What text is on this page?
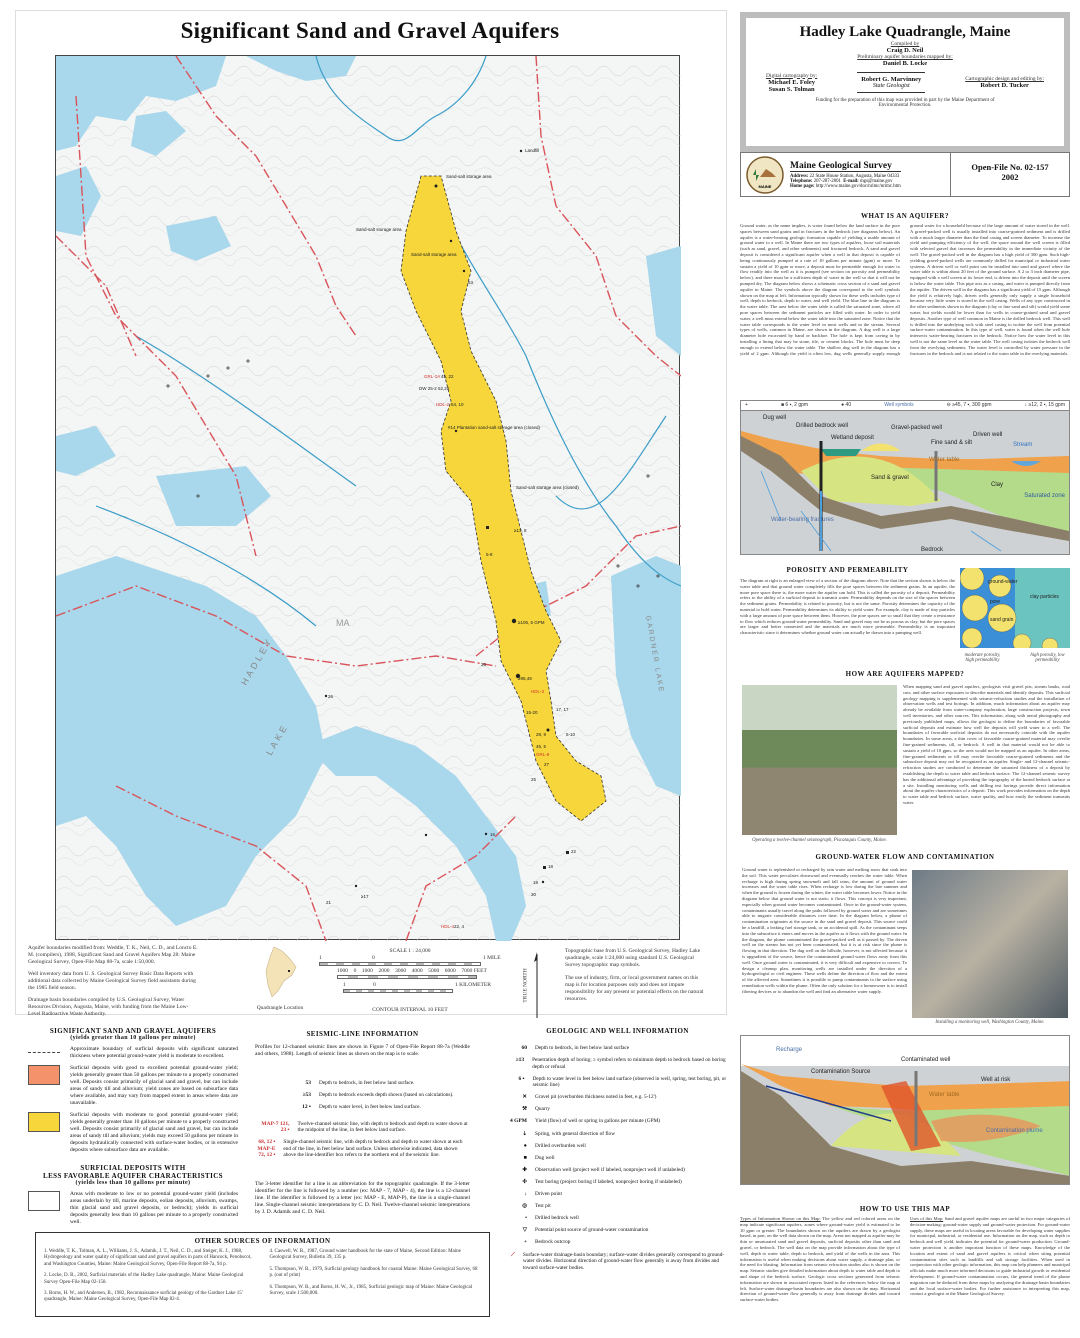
Significant Sand and Gravel Aquifers
Sand-salt storage area
Landfill
Sand-salt storage area
Sand-salt storage area
#14 Plantation sand-salt storage area (closed)
Sand-salt storage area (closed)
≥13, 8
≥105, 5 GPM
≥95,49
17, 17
15-20
28, 9
45, 5
5-10
27
25
26
16
22
18
18
30
≥17
22, 4
5-8
26
21
53
GRL-1A
HDL-2
GRL-8
HDL-4
HDL-3
45, 22
DW 25-2 52,20
54, 10
HADLEY
LAKE
MA	GARDNER LAKE

Aquifer boundaries modified from: Weddle, T. K., Neil, C. D., and Loncto E. M. (compilers), 1988, Significant Sand and Gravel Aquifers Map 28: Maine Geological Survey, Open-File Map 88-7a, scale 1:50,000.

Well inventory data from U. S. Geological Survey Basic Data Reports with additional data collected by Maine Geological Survey field assistants during the 1985 field season.

Drainage basin boundaries compiled by U.S. Geological Survey, Water Resources Division, Augusta, Maine, with funding from the Maine Low-Level Radioactive Waste Authority.

Quadrangle Location
SCALE 1 : 24,000
1	0	1 MILE
1000 0 1000 2000 3000 4000 5000 6000 7000 FEET
1	0	1 KILOMETER
CONTOUR INTERVAL 10 FEET
TRUE NORTH

Topographic base from U.S. Geological Survey, Hadley Lake quadrangle, scale 1:24,000 using standard U.S. Geological Survey topographic map symbols.

The use of industry, firm, or local government names on this map is for location purposes only and does not impute responsibility for any present or potential effects on the natural resources.

SIGNIFICANT SAND AND GRAVEL AQUIFERS
(yields greater than 10 gallons per minute)
Approximate boundary of surficial deposits with significant saturated thickness where potential ground-water yield is moderate to excellent.
Surficial deposits with good to excellent potential ground-water yield; yields generally greater than 50 gallons per minute to a properly constructed well. Deposits consist primarily of glacial sand and gravel, but can include areas of sandy till and alluvium; yield zones are based on subsurface data where available, and may vary from mapped extent in areas where data are unavailable.
Surficial deposits with moderate to good potential ground-water yield; yields generally greater than 10 gallons per minute to a properly constructed well. Deposits consist primarily of glacial sand and gravel, but can include areas of sandy till and alluvium; yields may exceed 50 gallons per minute in deposits hydraulically connected with surface-water bodies, or in extensive deposits where subsurface data are available.
SURFICIAL DEPOSITS WITH
LESS FAVORABLE AQUIFER CHARACTERISTICS
(yields less than 10 gallons per minute)
Areas with moderate to low or no potential ground-water yield (includes areas underlain by till, marine deposits, eolian deposits, alluvium, swamps, thin glacial sand and gravel deposits, or bedrock); yields in surficial deposits generally less than 10 gallons per minute to a properly constructed well.
SEISMIC-LINE INFORMATION
Profiles for 12-channel seismic lines are shown in Figure 7 of Open-File Report 88-7a (Weddle and others, 1988). Length of seismic lines as shown on the map is to scale.
53 Depth to bedrock, in feet below land surface.
≥53 Depth to bedrock exceeds depth shown (based on calculations).
12 ▪ Depth to water level, in feet below land surface.
MAP-7 121, 23 ▪
Twelve-channel seismic line, with depth to bedrock and depth to water shown at the midpoint of the line, in feet below land surface.
68, 12 ▪ MAP-E 72, 12 ▪
Single-channel seismic line, with depth to bedrock and depth to water shown at each end of the line, in feet below land surface. Unless otherwise indicated, data shown above the line-identifier box refers to the northern end of the seismic line.
The 3-letter identifier for a line is an abbreviation for the topographic quadrangle. If the 3-letter identifier for the line is followed by a number (ex: MAP - 7, MAP - 4), the line is a 12-channel line. If the identifier is followed by a letter (ex: MAP - E, MAP-P), the line is a single-channel line. Single-channel seismic interpretations by C. D. Neil. Twelve-channel seismic interpretations by J. D. Adamik and C. D. Neil.
GEOLOGIC AND WELL INFORMATION
60 Depth to bedrock, in feet below land surface
≥13 Penetration depth of boring; ≥ symbol refers to minimum depth to bedrock based on boring depth or refusal
6 ▪ Depth to water level in feet below land surface (observed in well, spring, test boring, pit, or seismic line)
✕ Gravel pit (overburden thickness noted in feet, e.g. 5-12')
⚒ Quarry
4 GPM Yield (flow) of well or spring in gallons per minute (GPM)
⇣ Spring, with general direction of flow
● Drilled overburden well
■ Dug well
✚ Observation well (project well if labeled, nonproject well if unlabeled)
✣ Test boring (project boring if labeled, nonproject boring if unlabeled)
↓ Driven point
◎ Test pit
• Drilled bedrock well
▽ Potential point source of ground-water contamination
+ Bedrock outcrop
⟋ Surface-water drainage-basin boundary; surface-water divides generally correspond to ground-water divides. Horizontal direction of ground-water flow generally is away from divides and toward surface-water bodies.
OTHER SOURCES OF INFORMATION

1. Weddle, T. K., Tolman, A. L., Williams, J. S., Adamik, J. T., Neil, C. D., and Steiger, K. J., 1988, Hydrogeology and water quality of significant sand and gravel aquifers in parts of Hancock, Penobscot, and Washington Counties, Maine: Maine Geological Survey, Open-File Report 88-7a, 94 p.

2. Locke, D. B., 2002, Surficial materials of the Hadley Lake quadrangle, Maine: Maine Geological Survey Open-File Map 02-158.

3. Borns, H. W., and Andersen, B., 1982, Reconnaissance surficial geology of the Gardner Lake 15' quadrangle, Maine: Maine Geological Survey, Open-File Map 82-4.

4. Caswell, W. B., 1987, Ground water handbook for the state of Maine, Second Edition: Maine Geological Survey, Bulletin 39, 135 p.

5. Thompson, W. B., 1979, Surficial geology handbook for coastal Maine: Maine Geological Survey, 68 p. (out of print)

6. Thompson, W. B., and Borns, H. W., Jr., 1985, Surficial geologic map of Maine: Maine Geological Survey, scale 1:500,000.

Hadley Lake Quadrangle, Maine
Compiled by
Craig D. Neil
Preliminary aquifer boundaries mapped by:
Daniel B. Locke
Digital cartography by:
Michael E. Foley
Susan S. Tolman
Robert G. Marvinney
State Geologist
Cartographic design and editing by:
Robert D. Tucker
Funding for the preparation of this map was provided in part by the Maine Department of Environmental Protection.
MAINE
Maine Geological Survey
Address: 22 State House Station, Augusta, Maine 04333
Telephone: 207-287-2801 E-mail: mgs@maine.gov
Home page: http://www.maine.gov/doc/nrimc/nrimc.htm
Open-File No. 02-157
2002
WHAT IS AN AQUIFER?
Ground water, as the name implies, is water found below the land surface in the pore spaces between sand grains and in fractures in the bedrock (see diagrams below). An aquifer is a water-bearing geologic formation capable of yielding a usable amount of ground water to a well. In Maine there are two types of aquifers, loose soil materials (such as sand, gravel, and other sediments) and fractured bedrock. A sand and gravel deposit is considered a significant aquifer when a well in that deposit is capable of being continuously pumped at a rate of 10 gallons per minute (gpm) or more. To sustain a yield of 10 gpm or more, a deposit must be permeable enough for water to flow readily into the well as it is pumped (see section on porosity and permeability below), and there must be a sufficient depth of water in the well so that it will not be pumped dry. The diagram below shows a schematic cross section of a sand and gravel aquifer in Maine. The symbols above the diagram correspond to the well symbols shown on the map at left. Information typically shown for these wells includes type of well, depth to bedrock, depth to water, and well yield. The blue line in the diagram is the water table. The area below the water table is called the saturated zone, where all pore spaces between the sediment particles are filled with water. In order to yield water, a well must extend below the water table into the saturated zone. Notice that the water table corresponds to the water level in most wells and in the stream. Several types of wells, common in Maine, are shown in the diagram. A dug well is a large diameter hole excavated by hand or backhoe. The hole is kept from caving in by installing a lining that may be stone, tile, or cement blocks. The hole must be deep enough to extend below the water table. The shallow dug well in the diagram has a yield of 2 gpm. Although the yield is often low, dug wells generally supply enough ground water for a household because of the large amount of water stored in the well. A gravel-packed well is usually installed into coarse-grained sediment and is drilled with a much larger diameter than the final casing and screen diameter. To increase the yield and pumping efficiency of the well, the space around the well screen is filled with selected gravel that increases the permeability in the immediate vicinity of the well. The gravel-packed well in the diagram has a high yield of 300 gpm. Such high-yielding gravel-packed wells are commonly drilled for municipal or industrial water systems. A driven well or well point can be installed into sand and gravel where the water table is within about 20 feet of the ground surface. A 2 to 3 inch diameter pipe, equipped with a well screen at its lower end, is driven into the deposit until the screen is below the water table. This pipe acts as a casing, and water is pumped directly from the aquifer. The driven well in the diagram has a significant yield of 15 gpm. Although the yield is relatively high, driven wells generally only supply a single household because very little water is stored in the well casing. Wells of any type constructed in the other sediments shown in the diagram (clay or fine sand and silt) would yield some water, but yields would be lower than for wells in coarse-grained sand and gravel deposits. Another type of well common in Maine is the drilled bedrock well. This well is drilled into the underlying rock with steel casing to isolate the well from potential surface-water contamination. In this type of well, water is found when the well hole intersects water-bearing fractures in the bedrock. Notice how the water level in this well is not the same level as the water table. The well casing isolates the bedrock well from the overlying sediments. The water level is controlled by water pressure in the fractures in the bedrock and is not related to the water table in the overlying materials.
+	■ 6 ▪, 2 gpm	● 40	Well symbols	⊖ ≥45, 7 ▪, 300 gpm	↓ ≥12, 2 ▪, 15 gpm
Dug well
Drilled bedrock well
Wetland deposit
Gravel-packed well
Fine sand & silt
Driven well
Stream
Water table
Sand & gravel
Clay
Saturated zone
Water-bearing fractures
Bedrock
POROSITY AND PERMEABILITY
The diagram at right is an enlarged view of a section of the diagram above. Note that the section shown is below the water table and that ground water completely fills the pore spaces between the sediment grains. In an aquifer, the more pore space there is, the more water the aquifer can hold. This is called the porosity of a deposit. Permeability refers to the ability of a surficial deposit to transmit water. Permeability depends on the size of the spaces between the sediment grains. Permeability is related to porosity, but is not the same. Porosity determines the capacity of the material to hold water. Permeability determines its ability to yield water. For example, clay is made of tiny particles with a large amount of pore space between them. However, the pore spaces are so small that they create a resistance to flow which reduces ground-water permeability. Sand and gravel may not be as porous as clay, but the pore spaces are larger and better connected and the materials are much more permeable. Permeability is an important characteristic since it determines whether ground water can actually be drawn into a pumping well.
ground-water
clay particles
pore
sand grain
moderate porosity, high permeability
high porosity, low permeability
HOW ARE AQUIFERS MAPPED?
Operating a twelve-channel seismograph, Piscataquis County, Maine.
When mapping sand and gravel aquifers, geologists visit gravel pits, stream banks, road cuts, and other surface exposures to describe materials and identify deposits. This surficial geology mapping is supplemented with seismic-refraction studies and the installation of observation wells and test borings. In addition, much information about an aquifer may already be available from water-company exploration, large construction projects, town well inventories, and other sources. This information, along with aerial photography and previously published maps, allows the geologist to define the boundaries of favorable surficial deposits and estimate how well the deposits will yield water to a well. The boundaries of favorable surficial deposits do not necessarily coincide with the aquifer boundaries. In some areas, a thin cover of favorable coarse-grained material may overlie fine-grained sediments, till, or bedrock. A well in that material would not be able to sustain a yield of 10 gpm, so the area would not be mapped as an aquifer. In other areas, fine-grained sediments or till may overlie favorable coarse-grained sediments and the subsurface deposit may not be recognized as an aquifer. Single- and 12-channel seismic-refraction studies are conducted to determine the saturated thickness of a deposit by establishing the depth to water table and bedrock surface. The 12-channel seismic survey has the additional advantage of providing the topography of the buried bedrock surface at a site. Installing monitoring wells and drilling test borings provide direct information about the aquifer characteristics of a deposit. This work provides information on the depth to water table and bedrock surface, water quality, and how easily the sediment transmits water.
GROUND-WATER FLOW AND CONTAMINATION
Ground water is replenished or recharged by rain water and melting snow that soak into the soil. This water percolates downward and eventually reaches the water table. When recharge is high during spring snowmelt and fall rains, the amount of ground water increases and the water table rises. When recharge is low during the late summer and when the ground is frozen during the winter, the water table becomes lower. Notice in the diagram below that ground water is not static; it flows. This concept is very important, especially when ground water becomes contaminated. Once in the ground-water system, contaminants usually travel along the paths followed by ground water and are sometimes able to migrate considerable distances over time. In the diagram below, a plume of contamination originates at the source in the sand and gravel deposit. This source could be a landfill, a leaking fuel storage tank, or an accidental spill. As the contaminant seeps into the subsurface it enters and moves in the aquifer as it flows with the ground water. In the diagram, the plume contaminated the gravel-packed well as it passed by. The driven well on the stream has not yet been contaminated, but it is at risk since the plume is flowing in that direction. The dug well on the hillside, however, is not affected because it is upgradient of the source, hence the contaminated ground water flows away from this well. Once ground water is contaminated, it is very difficult and expensive to correct. To design a cleanup plan, monitoring wells are installed under the direction of a hydrogeologist or civil engineer. These wells define the direction of flow and the extent of the affected area. Sometimes it is possible to pump contaminants to the surface using remediation wells within the plume. Often the only solution for a homeowner is to install filtering devices or to abandon the well and find an alternative water supply.
Installing a monitoring well, Washington County, Maine.
Recharge
Contamination Source
Contaminated well
Well at risk
Water table
Contamination plume
HOW TO USE THIS MAP
Types of Information Shown on this Map: The yellow and red colored areas on the map indicate significant aquifers, zones where ground-water yield is estimated to be 10 gpm or greater. The boundaries shown on the aquifers are drawn by a geologist based, in part, on the well data shown on the map. Areas not mapped as aquifer may be thin or unsaturated sand and gravel deposits, surficial deposits other than sand and gravel, or bedrock. The well data on the map provide information about the type of well, depth to water table, depth to bedrock, and yield of the wells in the area. This information is useful when making decisions about water supply, a drainage plan, or the need for blasting. Information from seismic refraction studies also is shown on the map. Seismic studies give detailed information about depth to water table and depth to and shape of the bedrock surface. Geologic cross sections generated from seismic information are shown in associated reports listed in the references below the map at left. Surface-water drainage-basin boundaries are also shown on the map. Horizontal direction of ground-water flow generally is away from drainage divides and toward surface-water bodies.
Uses of this Map: Sand and gravel aquifer maps are useful in two major categories of decision-making: ground-water supply and ground-water protection. For ground-water supply, these maps are useful in locating areas favorable for developing water supplies for municipal, industrial, or residential use. Information on the map, such as depth to bedrock and well yield, indicates the potential for ground-water production. Ground-water protection is another important function of these maps. Knowledge of the location and extent of sand and gravel aquifers is critical when siting potential contamination sites such as landfills and salt storage facilities. When used in conjunction with other geologic information, this map can help planners and municipal officials make much more informed decisions to guide industrial growth or residential development. If ground-water contamination occurs, the general trend of the plume migration can be deduced from these maps by analyzing the drainage basin boundaries and the local surface-water bodies. For further assistance in interpreting this map, contact a geologist at the Maine Geological Survey.
